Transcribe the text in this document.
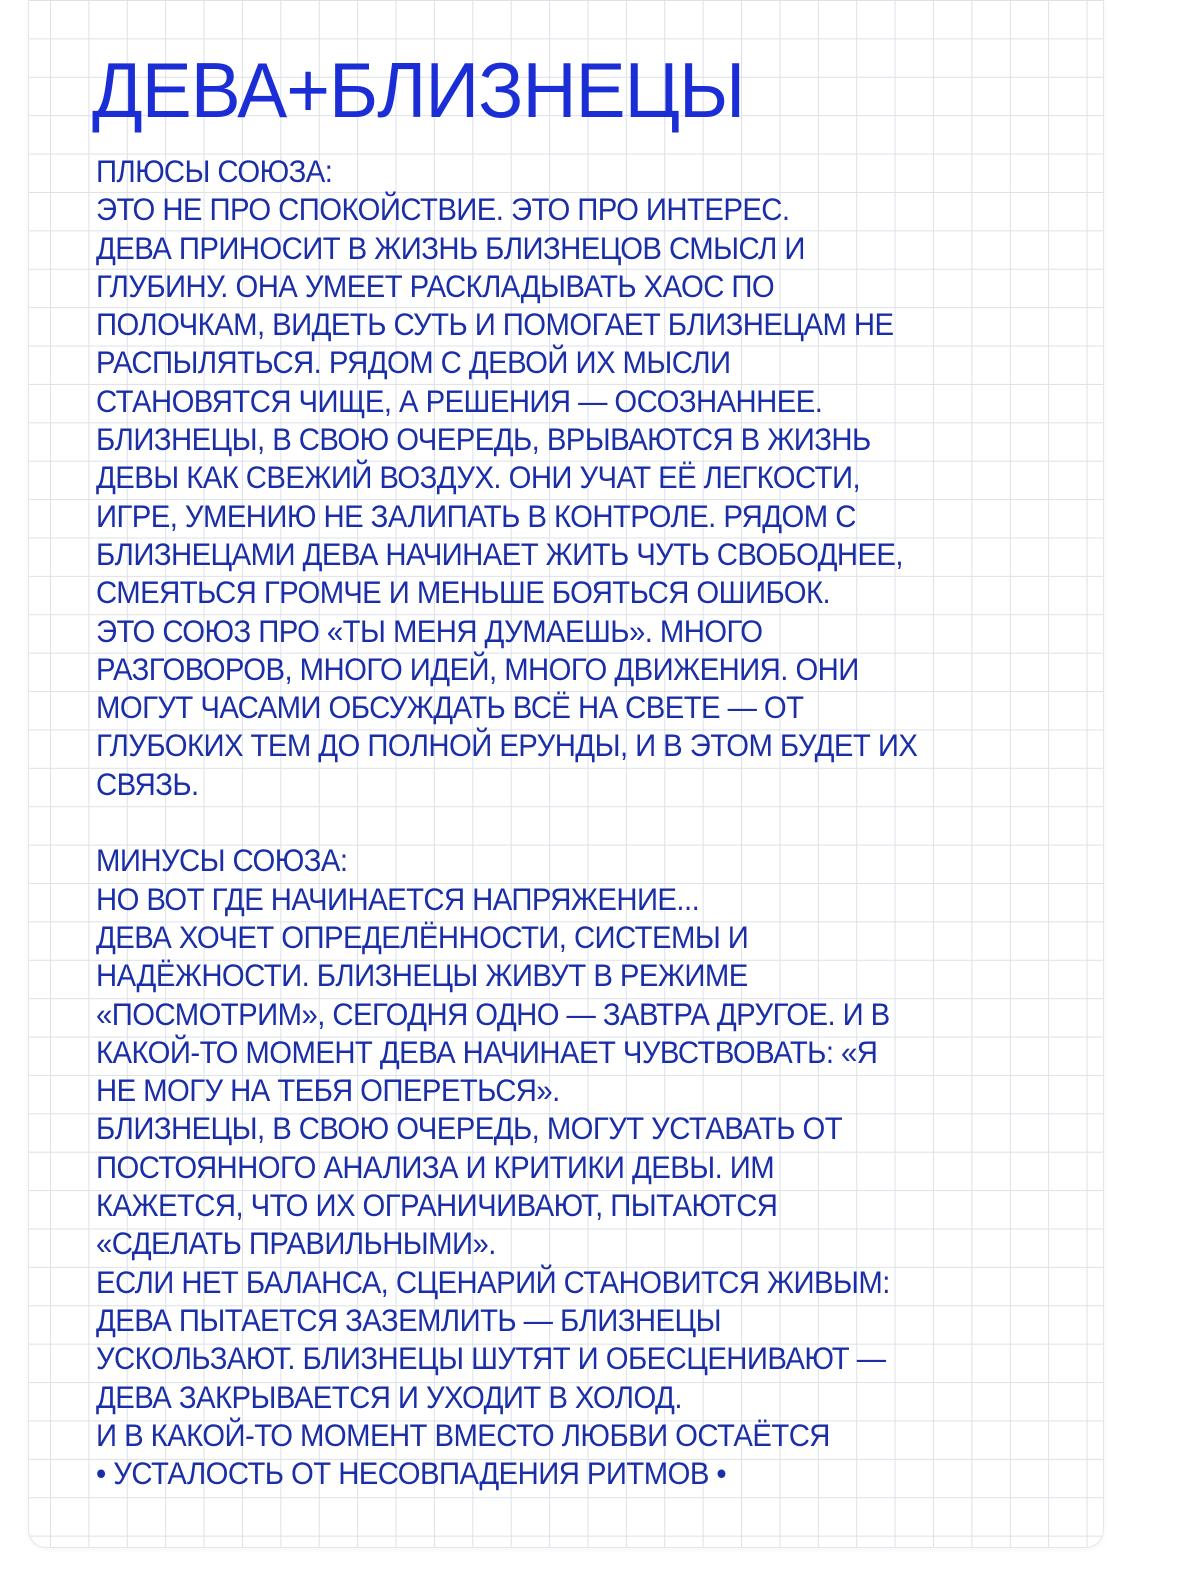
ДЕВА+БЛИЗНЕЦЫ
ПЛЮСЫ СОЮЗА:
ЭТО НЕ ПРО СПОКОЙСТВИЕ. ЭТО ПРО ИНТЕРЕС.
ДЕВА ПРИНОСИТ В ЖИЗНЬ БЛИЗНЕЦОВ СМЫСЛ И
ГЛУБИНУ. ОНА УМЕЕТ РАСКЛАДЫВАТЬ ХАОС ПО
ПОЛОЧКАМ, ВИДЕТЬ СУТЬ И ПОМОГАЕТ БЛИЗНЕЦАМ НЕ
РАСПЫЛЯТЬСЯ. РЯДОМ С ДЕВОЙ ИХ МЫСЛИ
СТАНОВЯТСЯ ЧИЩЕ, А РЕШЕНИЯ — ОСОЗНАННЕЕ.
БЛИЗНЕЦЫ, В СВОЮ ОЧЕРЕДЬ, ВРЫВАЮТСЯ В ЖИЗНЬ
ДЕВЫ КАК СВЕЖИЙ ВОЗДУХ. ОНИ УЧАТ ЕЁ ЛЕГКОСТИ,
ИГРЕ, УМЕНИЮ НЕ ЗАЛИПАТЬ В КОНТРОЛЕ. РЯДОМ С
БЛИЗНЕЦАМИ ДЕВА НАЧИНАЕТ ЖИТЬ ЧУТЬ СВОБОДНЕЕ,
СМЕЯТЬСЯ ГРОМЧЕ И МЕНЬШЕ БОЯТЬСЯ ОШИБОК.
ЭТО СОЮЗ ПРО «ТЫ МЕНЯ ДУМАЕШЬ». МНОГО
РАЗГОВОРОВ, МНОГО ИДЕЙ, МНОГО ДВИЖЕНИЯ. ОНИ
МОГУТ ЧАСАМИ ОБСУЖДАТЬ ВСЁ НА СВЕТЕ — ОТ
ГЛУБОКИХ ТЕМ ДО ПОЛНОЙ ЕРУНДЫ, И В ЭТОМ БУДЕТ ИХ
СВЯЗЬ.
МИНУСЫ СОЮЗА:
НО ВОТ ГДЕ НАЧИНАЕТСЯ НАПРЯЖЕНИЕ...
ДЕВА ХОЧЕТ ОПРЕДЕЛЁННОСТИ, СИСТЕМЫ И
НАДЁЖНОСТИ. БЛИЗНЕЦЫ ЖИВУТ В РЕЖИМЕ
«ПОСМОТРИМ», СЕГОДНЯ ОДНО — ЗАВТРА ДРУГОЕ. И В
КАКОЙ-ТО МОМЕНТ ДЕВА НАЧИНАЕТ ЧУВСТВОВАТЬ: «Я
НЕ МОГУ НА ТЕБЯ ОПЕРЕТЬСЯ».
БЛИЗНЕЦЫ, В СВОЮ ОЧЕРЕДЬ, МОГУТ УСТАВАТЬ ОТ
ПОСТОЯННОГО АНАЛИЗА И КРИТИКИ ДЕВЫ. ИМ
КАЖЕТСЯ, ЧТО ИХ ОГРАНИЧИВАЮТ, ПЫТАЮТСЯ
«СДЕЛАТЬ ПРАВИЛЬНЫМИ».
ЕСЛИ НЕТ БАЛАНСА, СЦЕНАРИЙ СТАНОВИТСЯ ЖИВЫМ:
ДЕВА ПЫТАЕТСЯ ЗАЗЕМЛИТЬ — БЛИЗНЕЦЫ
УСКОЛЬЗАЮТ. БЛИЗНЕЦЫ ШУТЯТ И ОБЕСЦЕНИВАЮТ —
ДЕВА ЗАКРЫВАЕТСЯ И УХОДИТ В ХОЛОД.
И В КАКОЙ-ТО МОМЕНТ ВМЕСТО ЛЮБВИ ОСТАЁТСЯ
• УСТАЛОСТЬ ОТ НЕСОВПАДЕНИЯ РИТМОВ •
